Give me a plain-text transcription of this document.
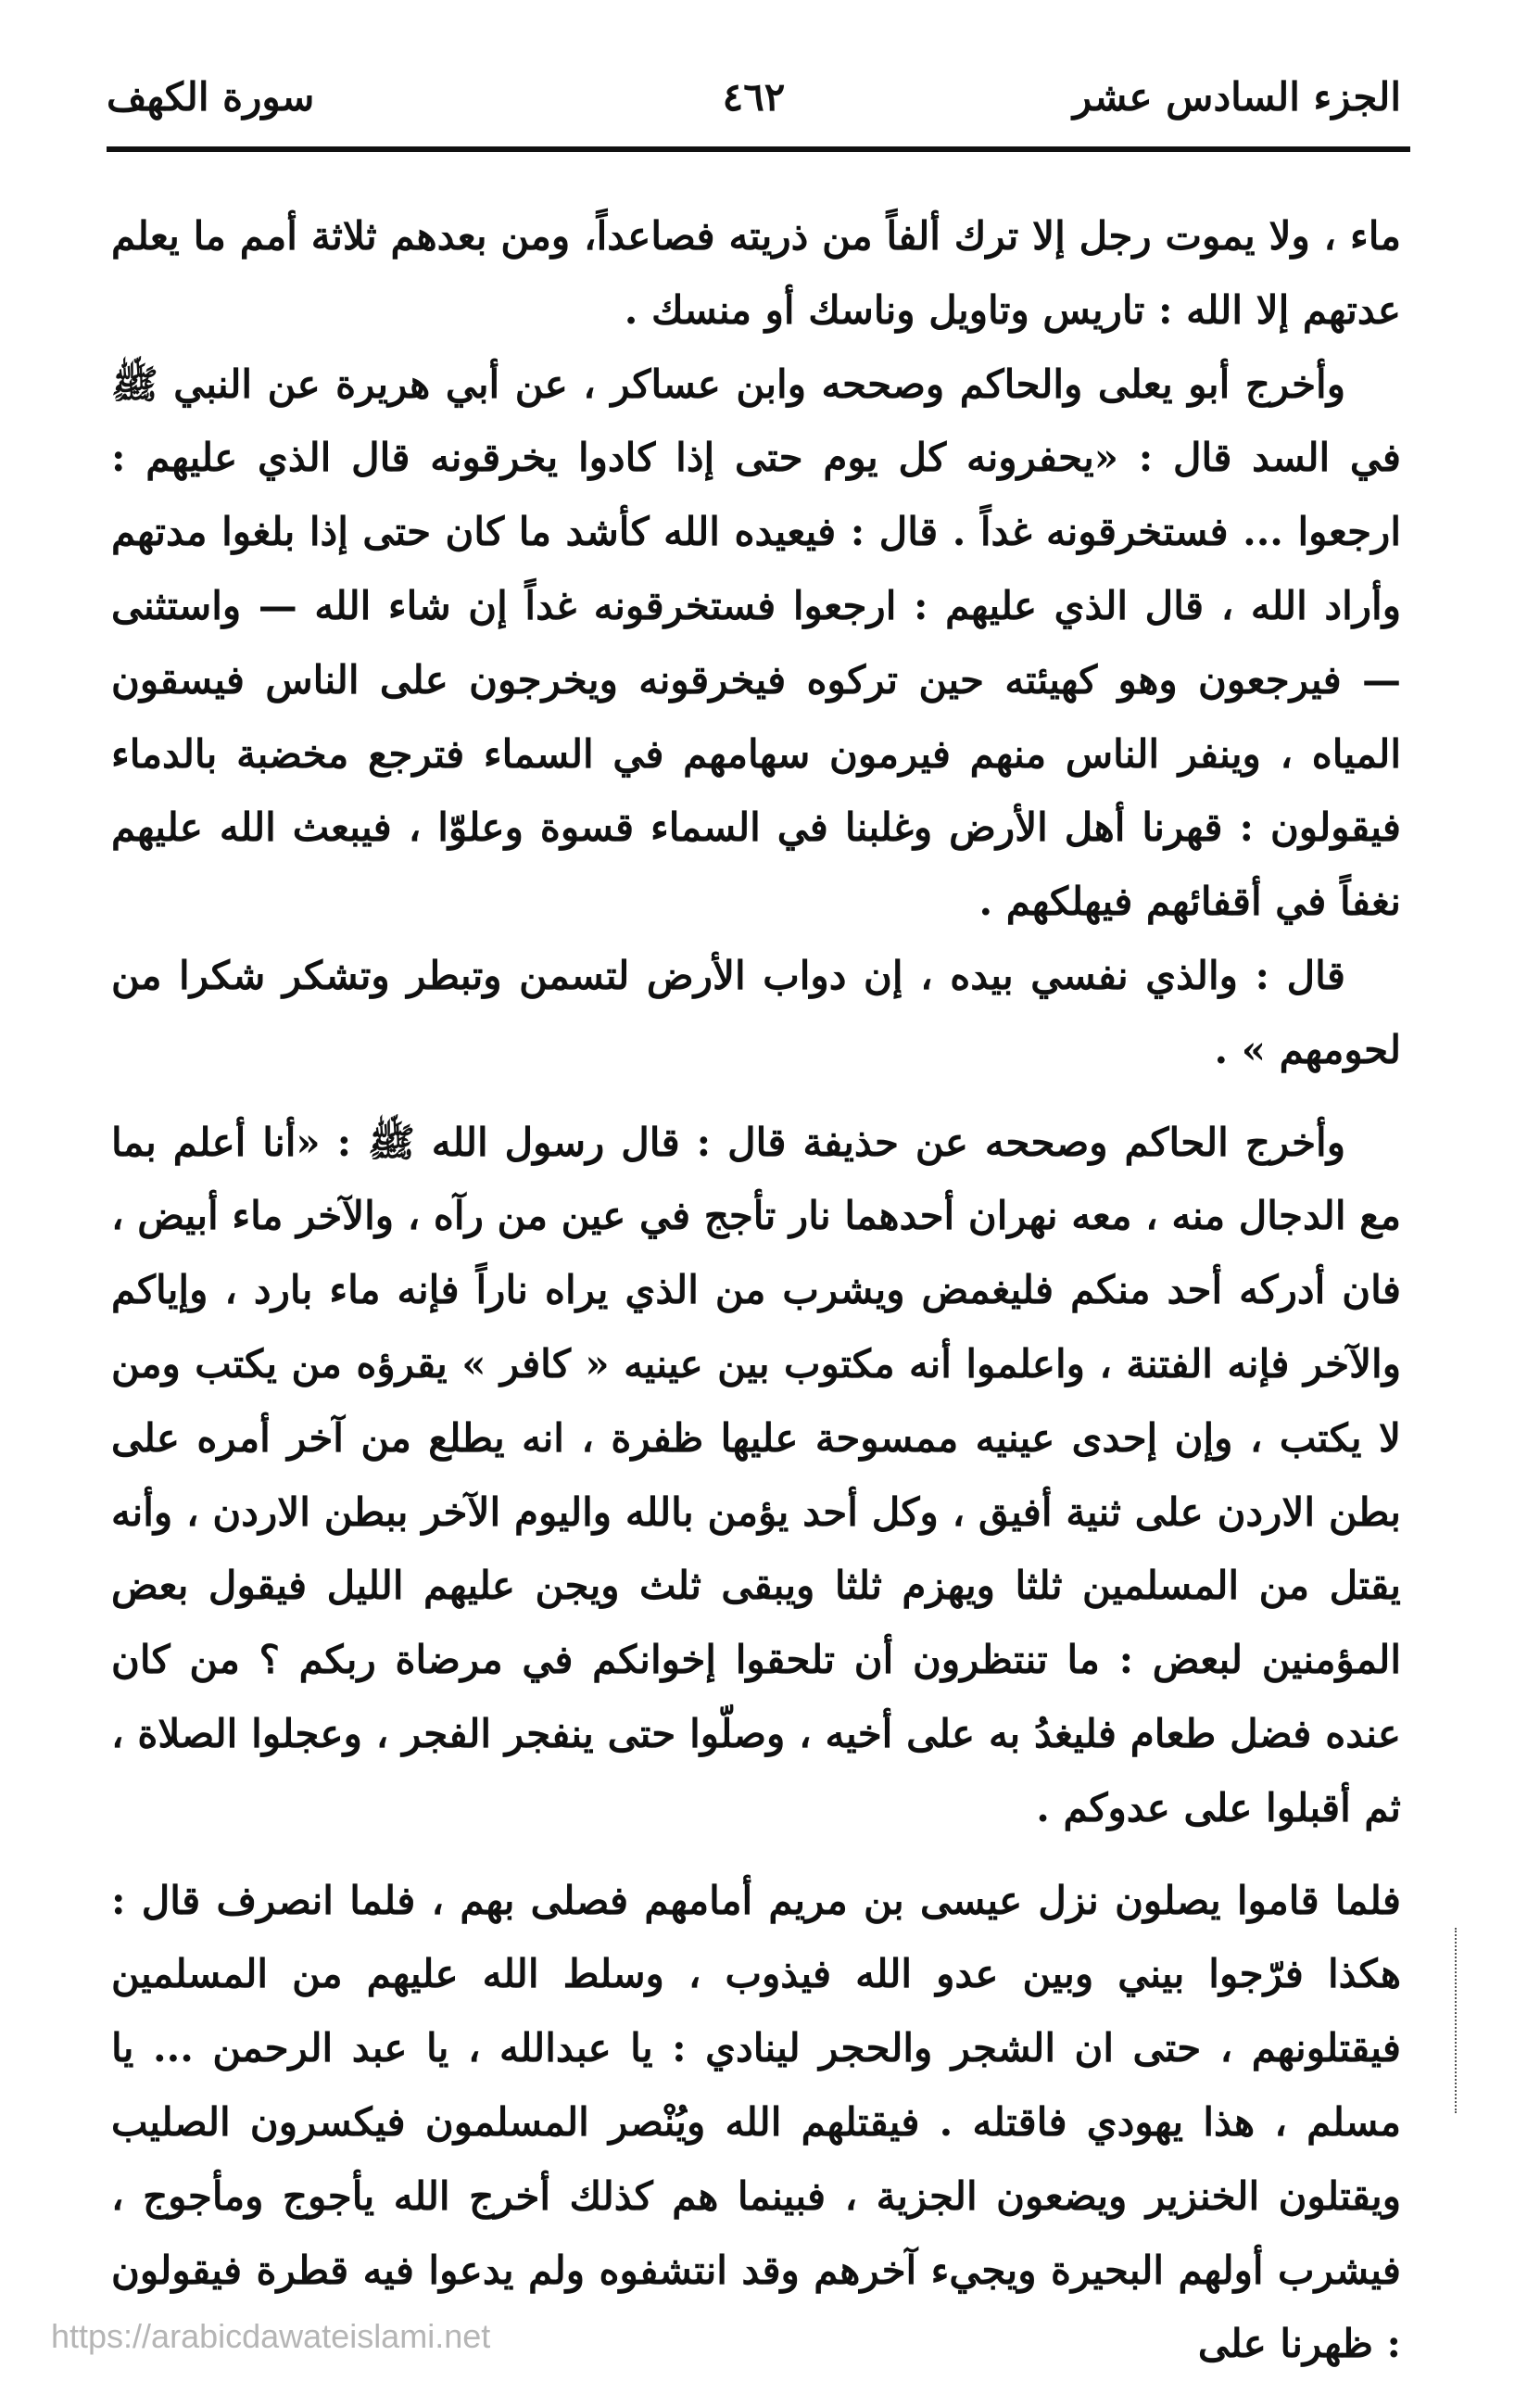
الجزء السادس عشر
٤٦٢
سورة الكهف

ماء ، ولا يموت رجل إلا ترك ألفاً من ذريته فصاعداً، ومن بعدهم ثلاثة أمم ما يعلم عدتهم إلا الله : تاريس وتاويل وناسك أو منسك .

وأخرج أبو يعلى والحاكم وصححه وابن عساكر ، عن أبي هريرة عن النبي ﷺ في السد قال : «يحفرونه كل يوم حتى إذا كادوا يخرقونه قال الذي عليهم : ارجعوا ... فستخرقونه غداً . قال : فيعيده الله كأشد ما كان حتى إذا بلغوا مدتهم وأراد الله ، قال الذي عليهم : ارجعوا فستخرقونه غداً إن شاء الله — واستثنى — فيرجعون وهو كهيئته حين تركوه فيخرقونه ويخرجون على الناس فيسقون المياه ، وينفر الناس منهم فيرمون سهامهم في السماء فترجع مخضبة بالدماء فيقولون : قهرنا أهل الأرض وغلبنا في السماء قسوة وعلوّا ، فيبعث الله عليهم نغفاً في أقفائهم فيهلكهم .

قال : والذي نفسي بيده ، إن دواب الأرض لتسمن وتبطر وتشكر شكرا من لحومهم » .

وأخرج الحاكم وصححه عن حذيفة قال : قال رسول الله ﷺ : «أنا أعلم بما مع الدجال منه ، معه نهران أحدهما نار تأجج في عين من رآه ، والآخر ماء أبيض ، فان أدركه أحد منكم فليغمض ويشرب من الذي يراه ناراً فإنه ماء بارد ، وإياكم والآخر فإنه الفتنة ، واعلموا أنه مكتوب بين عينيه « كافر » يقرؤه من يكتب ومن لا يكتب ، وإن إحدى عينيه ممسوحة عليها ظفرة ، انه يطلع من آخر أمره على بطن الاردن على ثنية أفيق ، وكل أحد يؤمن بالله واليوم الآخر ببطن الاردن ، وأنه يقتل من المسلمين ثلثا ويهزم ثلثا ويبقى ثلث ويجن عليهم الليل فيقول بعض المؤمنين لبعض : ما تنتظرون أن تلحقوا إخوانكم في مرضاة ربكم ؟ من كان عنده فضل طعام فليغدُ به على أخيه ، وصلّوا حتى ينفجر الفجر ، وعجلوا الصلاة ، ثم أقبلوا على عدوكم .

فلما قاموا يصلون نزل عيسى بن مريم أمامهم فصلى بهم ، فلما انصرف قال : هكذا فرّجوا بيني وبين عدو الله فيذوب ، وسلط الله عليهم من المسلمين فيقتلونهم ، حتى ان الشجر والحجر لينادي : يا عبدالله ، يا عبد الرحمن ... يا مسلم ، هذا يهودي فاقتله . فيقتلهم الله ويُنْصر المسلمون فيكسرون الصليب ويقتلون الخنزير ويضعون الجزية ، فبينما هم كذلك أخرج الله يأجوج ومأجوج ، فيشرب أولهم البحيرة ويجيء آخرهم وقد انتشفوه ولم يدعوا فيه قطرة فيقولون : ظهرنا على

https://arabicdawateislami.net
